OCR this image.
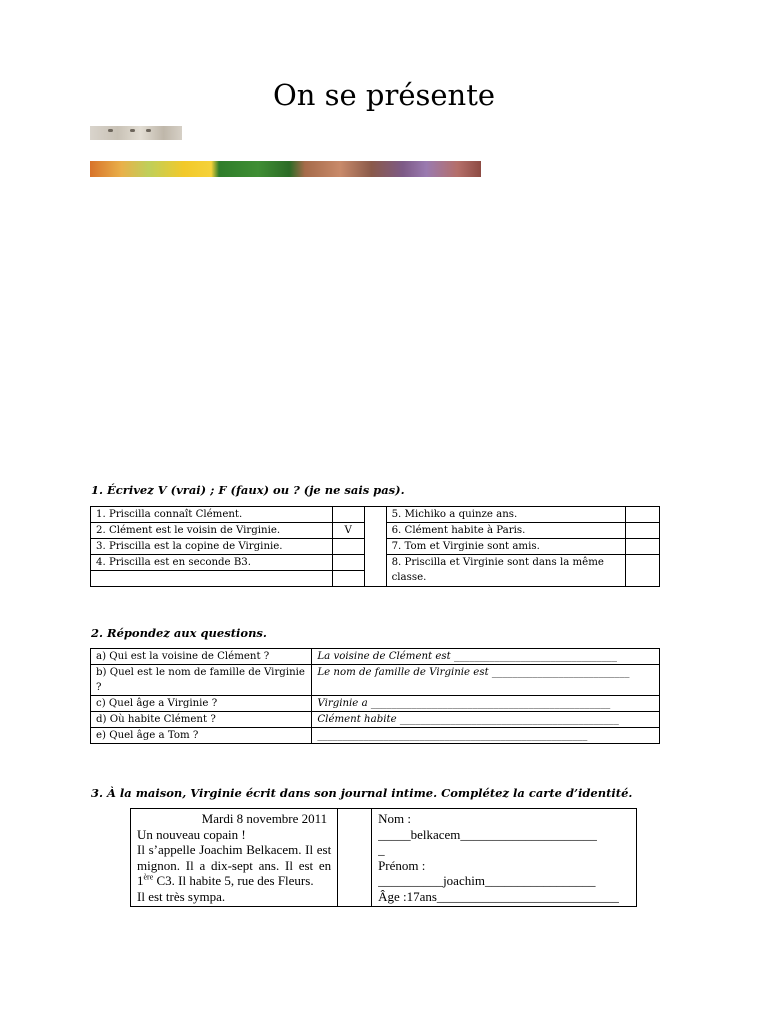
On se présente
1. Écrivez V (vrai) ; F (faux) ou ? (je ne sais pas).
1. Priscilla connaît Clément.			5. Michiko a quinze ans.	
2. Clément est le voisin de Virginie.	V		6. Clément habite à Paris.	
3. Priscilla est la copine de Virginie.			7. Tom et Virginie sont amis.	
4. Priscilla est en seconde B3.			8. Priscilla et Virginie sont dans la même classe.	

2. Répondez aux questions.
a) Qui est la voisine de Clément ?	La voisine de Clément est ________________________________
b) Quel est le nom de famille de Virginie ?	Le nom de famille de Virginie est ___________________________
c) Quel âge a Virginie ?	Virginie a _______________________________________________
d) Où habite Clément ?	Clément habite ___________________________________________
e) Quel âge a Tom ?	_____________________________________________________
3. À la maison, Virginie écrit dans son journal intime. Complétez la carte d’identité.
Mardi 8 novembre 2011
Un nouveau copain !
Il s’appelle Joachim Belkacem. Il est mignon. Il a dix-sept ans. Il est en 1ère C3. Il habite 5, rue des Fleurs.
Il est très sympa.

Nom :
_____belkacem_____________________
_
Prénom :
__________joachim_________________
Âge :17ans____________________________
